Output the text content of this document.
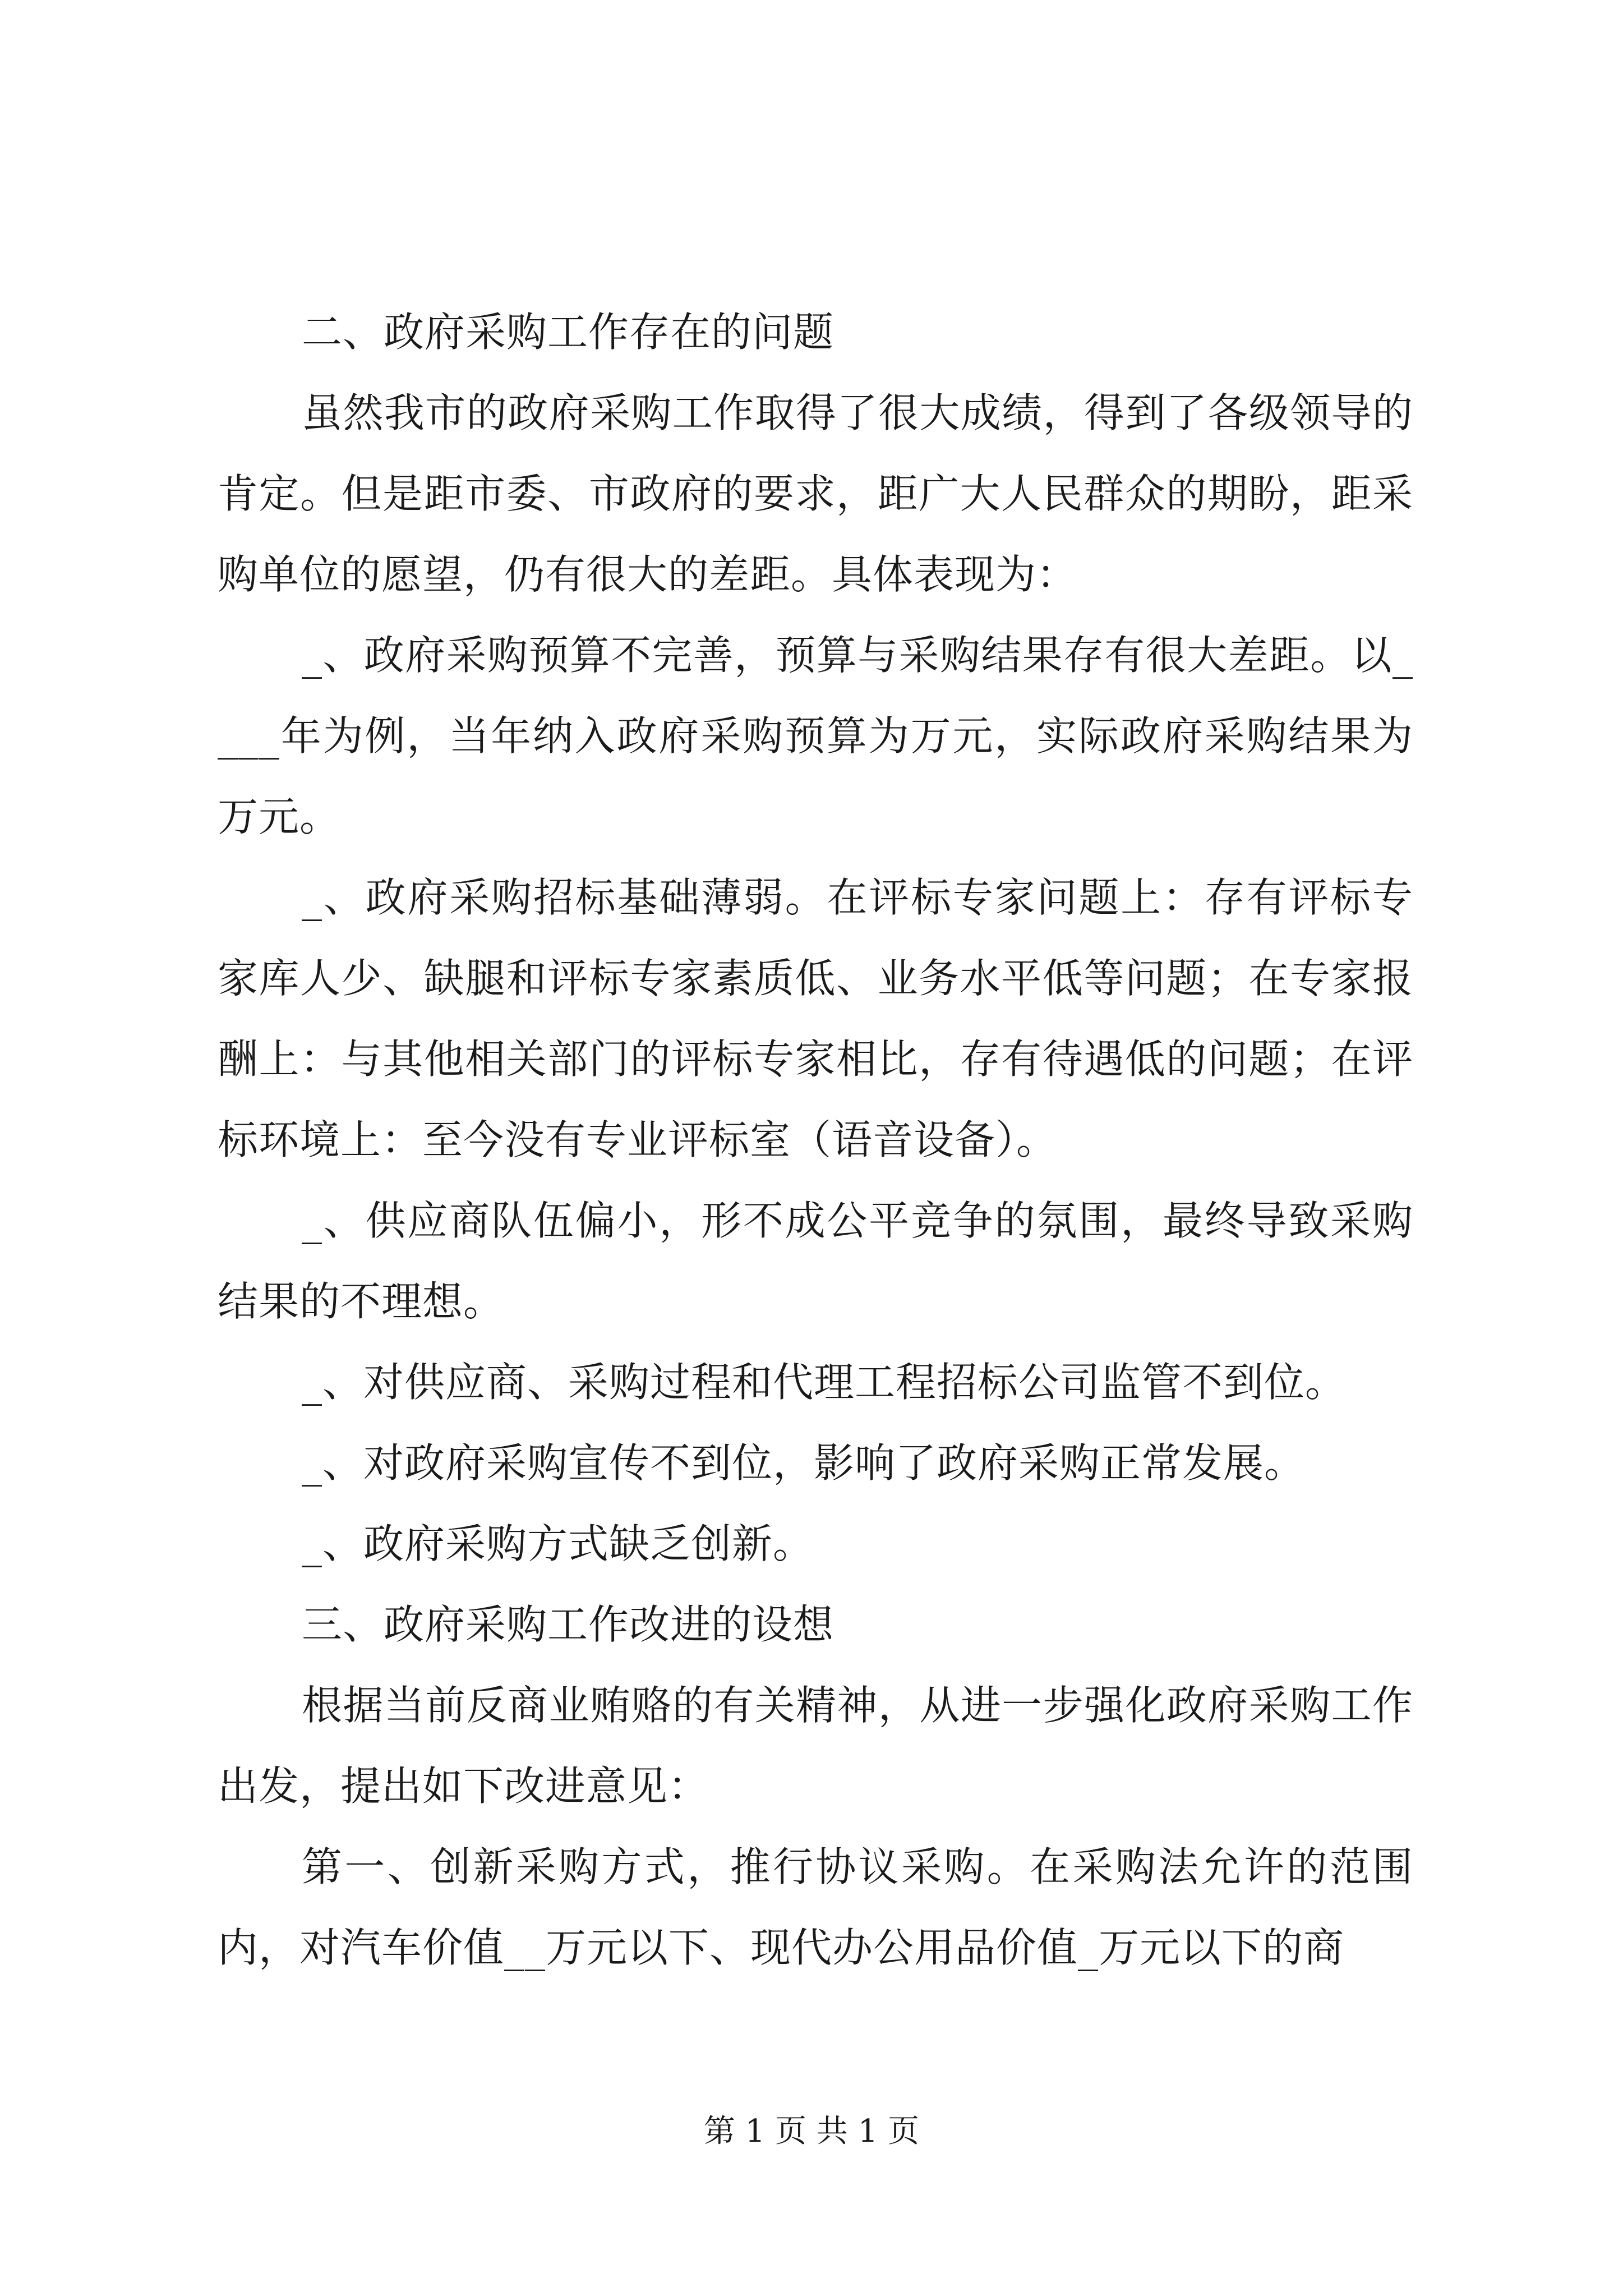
二、政府采购工作存在的问题

虽然我市的政府采购工作取得了很大成绩，得到了各级领导的肯定。但是距市委、市政府的要求，距广大人民群众的期盼，距采购单位的愿望，仍有很大的差距。具体表现为：

_、政府采购预算不完善，预算与采购结果存有很大差距。以____年为例，当年纳入政府采购预算为万元，实际政府采购结果为万元。

_、政府采购招标基础薄弱。在评标专家问题上：存有评标专家库人少、缺腿和评标专家素质低、业务水平低等问题；在专家报酬上：与其他相关部门的评标专家相比，存有待遇低的问题；在评标环境上：至今没有专业评标室（语音设备）。

_、供应商队伍偏小，形不成公平竞争的氛围，最终导致采购结果的不理想。

_、对供应商、采购过程和代理工程招标公司监管不到位。

_、对政府采购宣传不到位，影响了政府采购正常发展。

_、政府采购方式缺乏创新。

三、政府采购工作改进的设想

根据当前反商业贿赂的有关精神，从进一步强化政府采购工作出发，提出如下改进意见：

第一、创新采购方式，推行协议采购。在采购法允许的范围内，对汽车价值__万元以下、现代办公用品价值_万元以下的商

第 1 页 共 1 页
